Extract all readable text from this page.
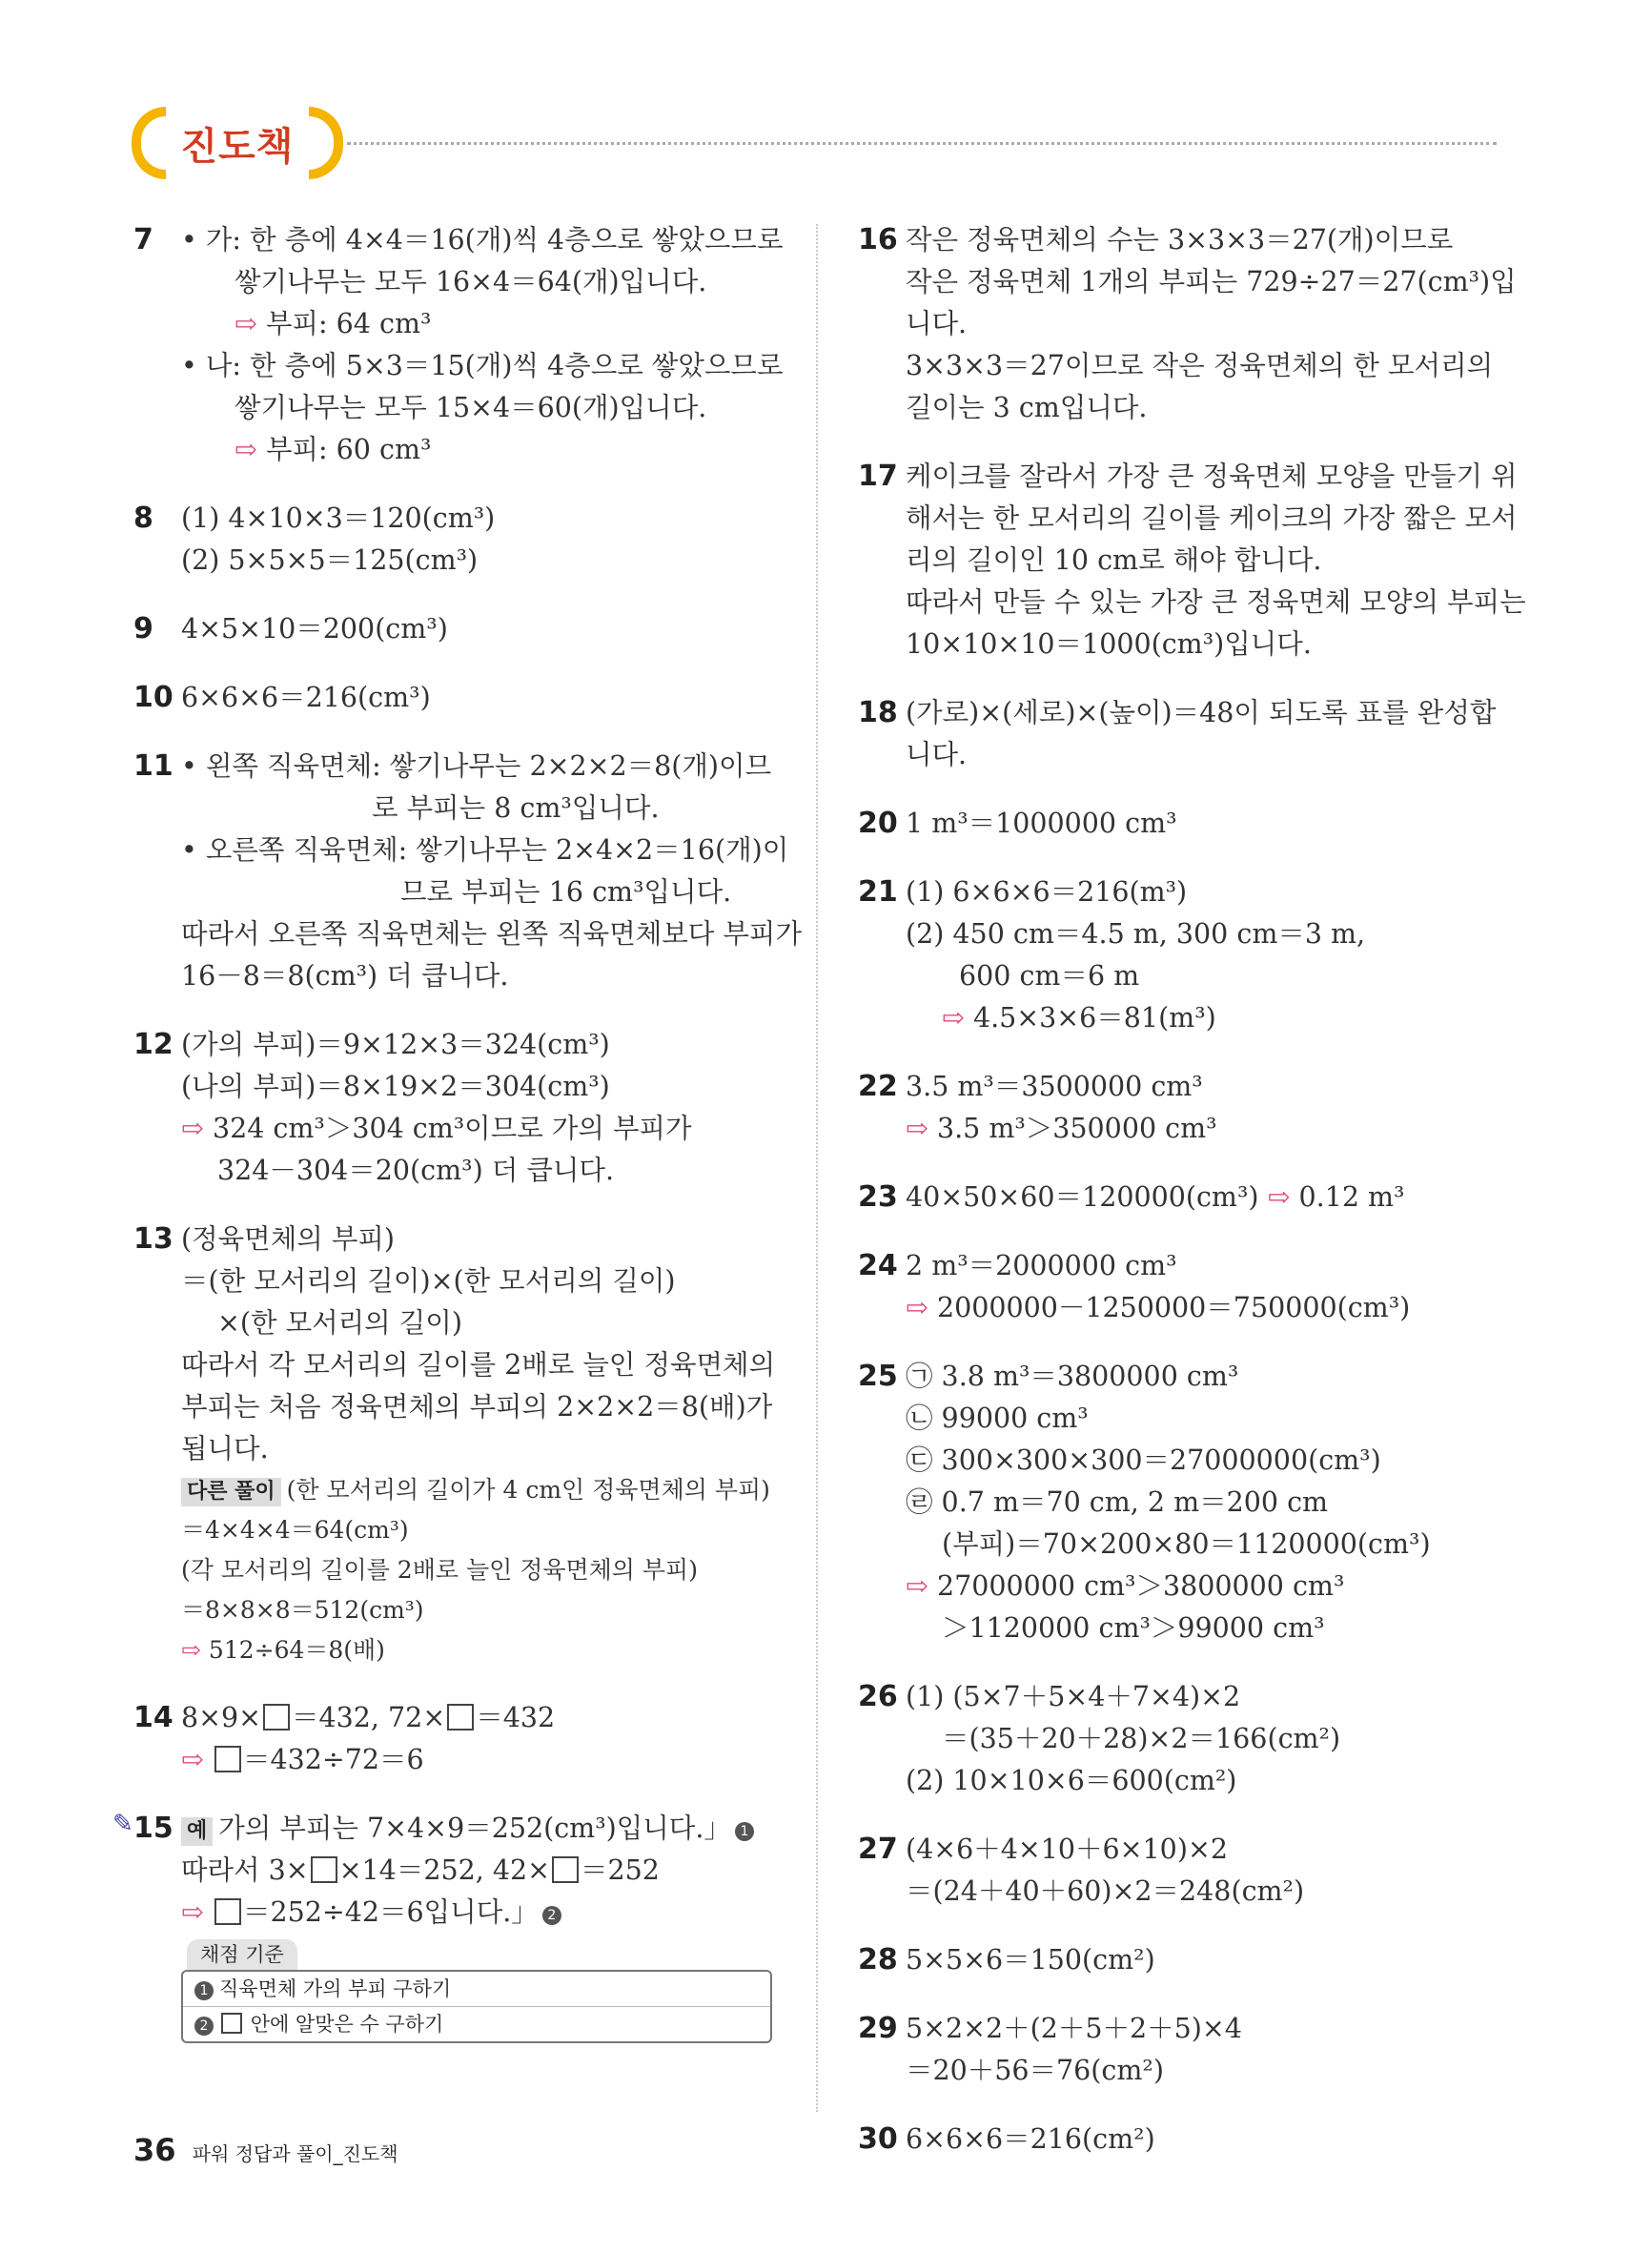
진도책
7 • 가: 한 층에 4×4＝16(개)씩 4층으로 쌓았으므로
쌓기나무는 모두 16×4＝64(개)입니다.
⇨ 부피: 64 cm³
• 나: 한 층에 5×3＝15(개)씩 4층으로 쌓았으므로
쌓기나무는 모두 15×4＝60(개)입니다.
⇨ 부피: 60 cm³
8 (1) 4×10×3＝120(cm³)
(2) 5×5×5＝125(cm³)
9 4×5×10＝200(cm³)
10 6×6×6＝216(cm³)
11 • 왼쪽 직육면체: 쌓기나무는 2×2×2＝8(개)이므
로 부피는 8 cm³입니다.
• 오른쪽 직육면체: 쌓기나무는 2×4×2＝16(개)이
므로 부피는 16 cm³입니다.
따라서 오른쪽 직육면체는 왼쪽 직육면체보다 부피가
16－8＝8(cm³) 더 큽니다.
12 (가의 부피)＝9×12×3＝324(cm³)
(나의 부피)＝8×19×2＝304(cm³)
⇨ 324 cm³＞304 cm³이므로 가의 부피가
324－304＝20(cm³) 더 큽니다.
13 (정육면체의 부피)
＝(한 모서리의 길이)×(한 모서리의 길이)
×(한 모서리의 길이)
따라서 각 모서리의 길이를 2배로 늘인 정육면체의
부피는 처음 정육면체의 부피의 2×2×2＝8(배)가
됩니다.
다른 풀이 (한 모서리의 길이가 4 cm인 정육면체의 부피)
＝4×4×4＝64(cm³)
(각 모서리의 길이를 2배로 늘인 정육면체의 부피)
＝8×8×8＝512(cm³)
⇨ 512÷64＝8(배)
14 8×9× ＝432, 72× ＝432
⇨ ＝432÷72＝6
✎ 15 예 가의 부피는 7×4×9＝252(cm³)입니다.」 1
따라서 3× ×14＝252, 42× ＝252
⇨ ＝252÷42＝6입니다.」 2
채점 기준
1 직육면체 가의 부피 구하기
2 안에 알맞은 수 구하기
16 작은 정육면체의 수는 3×3×3＝27(개)이므로
작은 정육면체 1개의 부피는 729÷27＝27(cm³)입
니다.
3×3×3＝27이므로 작은 정육면체의 한 모서리의
길이는 3 cm입니다.
17 케이크를 잘라서 가장 큰 정육면체 모양을 만들기 위
해서는 한 모서리의 길이를 케이크의 가장 짧은 모서
리의 길이인 10 cm로 해야 합니다.
따라서 만들 수 있는 가장 큰 정육면체 모양의 부피는
10×10×10＝1000(cm³)입니다.
18 (가로)×(세로)×(높이)＝48이 되도록 표를 완성합
니다.
20 1 m³＝1000000 cm³
21 (1) 6×6×6＝216(m³)
(2) 450 cm＝4.5 m, 300 cm＝3 m,
600 cm＝6 m
⇨ 4.5×3×6＝81(m³)
22 3.5 m³＝3500000 cm³
⇨ 3.5 m³＞350000 cm³
23 40×50×60＝120000(cm³) ⇨ 0.12 m³
24 2 m³＝2000000 cm³
⇨ 2000000－1250000＝750000(cm³)
25 ㉠ 3.8 m³＝3800000 cm³
㉡ 99000 cm³
㉢ 300×300×300＝27000000(cm³)
㉣ 0.7 m＝70 cm, 2 m＝200 cm
(부피)＝70×200×80＝1120000(cm³)
⇨ 27000000 cm³＞3800000 cm³
＞1120000 cm³＞99000 cm³
26 (1) (5×7＋5×4＋7×4)×2
＝(35＋20＋28)×2＝166(cm²)
(2) 10×10×6＝600(cm²)
27 (4×6＋4×10＋6×10)×2
＝(24＋40＋60)×2＝248(cm²)
28 5×5×6＝150(cm²)
29 5×2×2＋(2＋5＋2＋5)×4
＝20＋56＝76(cm²)
30 6×6×6＝216(cm²)
36 파워 정답과 풀이_진도책
